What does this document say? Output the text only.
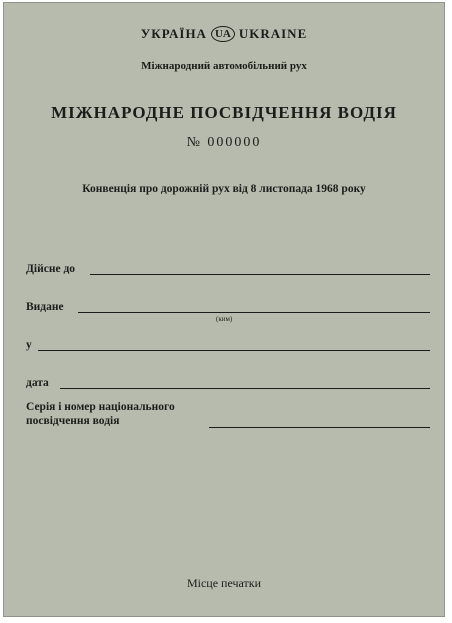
УКРАЇНА UA UKRAINE
Міжнародний автомобільний рух
МІЖНАРОДНЕ ПОСВІДЧЕННЯ ВОДІЯ
№ 000000
Конвенція про дорожній рух від 8 листопада 1968 року
Дійсне до
Видане
(ким)
у
дата
Серія і номер національного
посвідчення водія
Місце печатки
